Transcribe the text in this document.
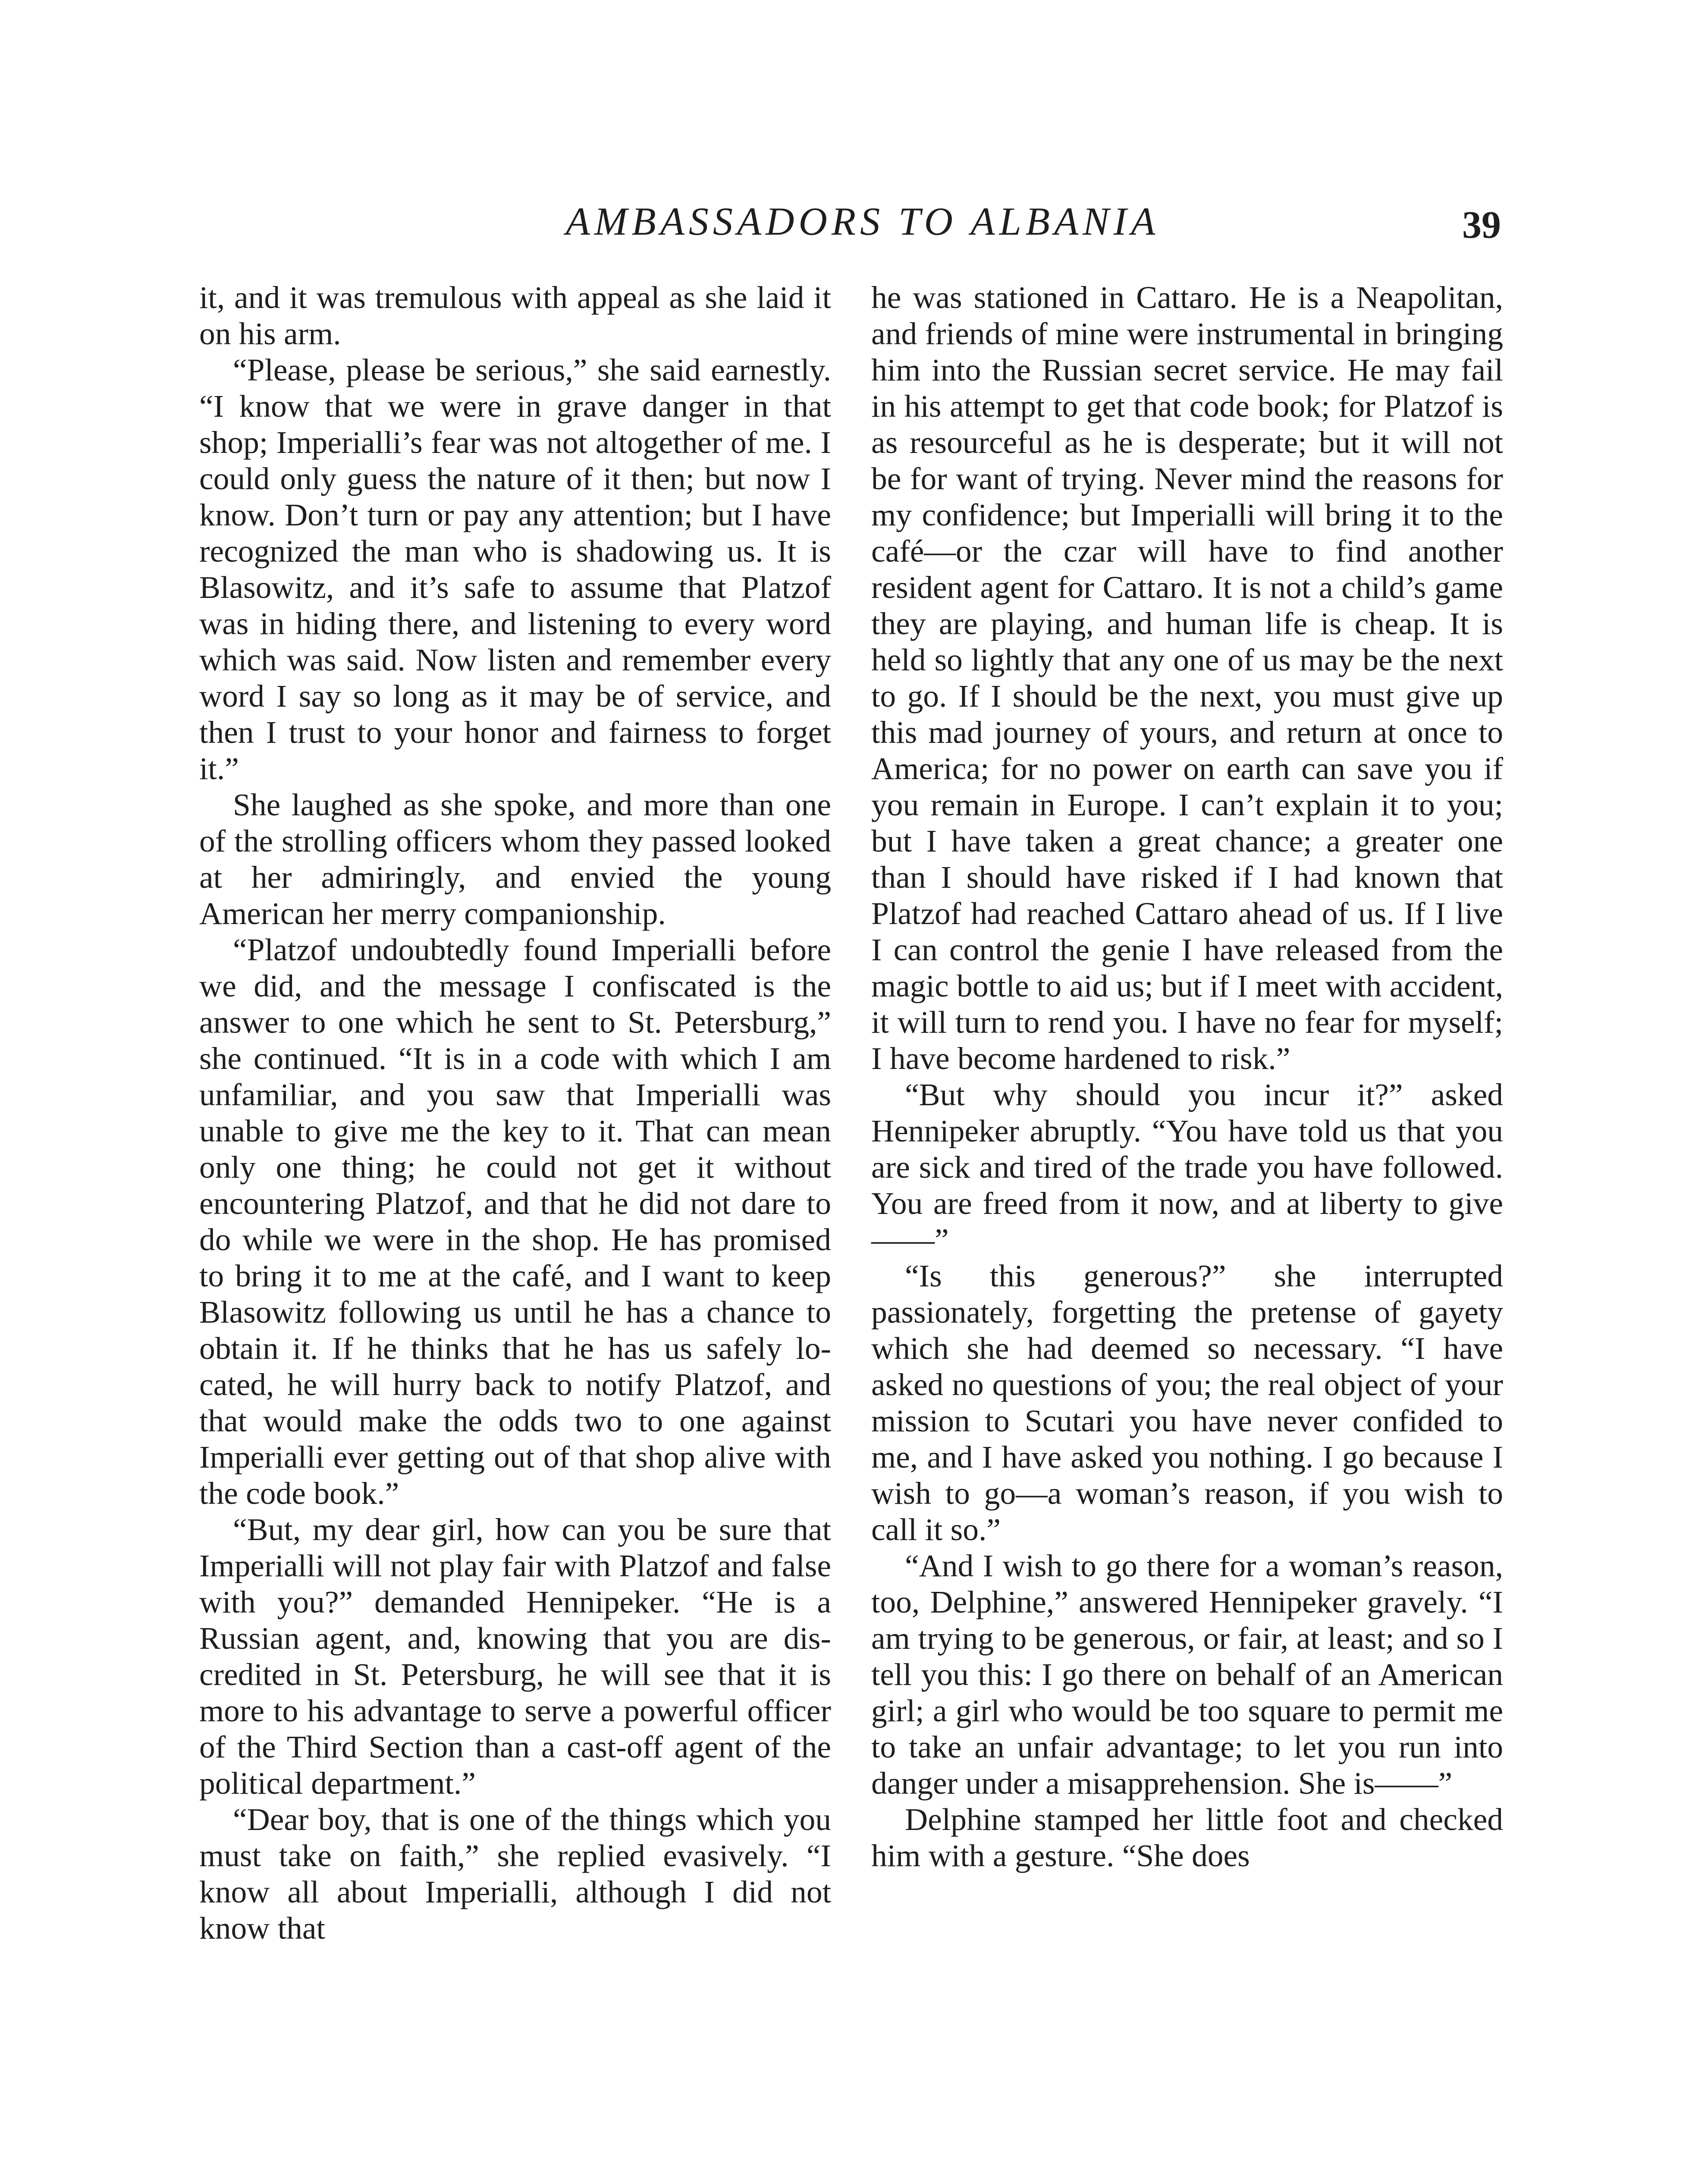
AMBASSADORS TO ALBANIA	39

it, and it was tremulous with appeal as she laid it on his arm.

“Please, please be serious,” she said earnestly. “I know that we were in grave danger in that shop; Imperialli’s fear was not altogether of me. I could only guess the nature of it then; but now I know. Don’t turn or pay any attention; but I have recognized the man who is shadowing us. It is Blasowitz, and it’s safe to assume that Platzof was in hiding there, and listening to every word which was said. Now listen and remember every word I say so long as it may be of service, and then I trust to your honor and fairness to forget it.”

She laughed as she spoke, and more than one of the strolling officers whom they passed looked at her admiringly, and envied the young American her merry companionship.

“Platzof undoubtedly found Imperialli before we did, and the message I confiscated is the answer to one which he sent to St. Petersburg,” she continued. “It is in a code with which I am unfamiliar, and you saw that Imperialli was unable to give me the key to it. That can mean only one thing; he could not get it without encountering Platzof, and that he did not dare to do while we were in the shop. He has promised to bring it to me at the café, and I want to keep Blasowitz following us until he has a chance to obtain it. If he thinks that he has us safely located, he will hurry back to notify Platzof, and that would make the odds two to one against Imperialli ever getting out of that shop alive with the code book.”

“But, my dear girl, how can you be sure that Imperialli will not play fair with Platzof and false with you?” demanded Hennipeker. “He is a Russian agent, and, knowing that you are discredited in St. Petersburg, he will see that it is more to his advantage to serve a powerful officer of the Third Section than a cast-off agent of the political department.”

“Dear boy, that is one of the things which you must take on faith,” she replied evasively. “I know all about Imperialli, although I did not know that

he was stationed in Cattaro. He is a Neapolitan, and friends of mine were instrumental in bringing him into the Russian secret service. He may fail in his attempt to get that code book; for Platzof is as resourceful as he is desperate; but it will not be for want of trying. Never mind the reasons for my confidence; but Imperialli will bring it to the café—or the czar will have to find another resident agent for Cattaro. It is not a child’s game they are playing, and human life is cheap. It is held so lightly that any one of us may be the next to go. If I should be the next, you must give up this mad journey of yours, and return at once to America; for no power on earth can save you if you remain in Europe. I can’t explain it to you; but I have taken a great chance; a greater one than I should have risked if I had known that Platzof had reached Cattaro ahead of us. If I live I can control the genie I have released from the magic bottle to aid us; but if I meet with accident, it will turn to rend you. I have no fear for myself; I have become hardened to risk.”

“But why should you incur it?” asked Hennipeker abruptly. “You have told us that you are sick and tired of the trade you have followed. You are freed from it now, and at liberty to give——”

“Is this generous?” she interrupted passionately, forgetting the pretense of gayety which she had deemed so necessary. “I have asked no questions of you; the real object of your mission to Scutari you have never confided to me, and I have asked you nothing. I go because I wish to go—a woman’s reason, if you wish to call it so.”

“And I wish to go there for a woman’s reason, too, Delphine,” answered Hennipeker gravely. “I am trying to be generous, or fair, at least; and so I tell you this: I go there on behalf of an American girl; a girl who would be too square to permit me to take an unfair advantage; to let you run into danger under a misapprehension. She is——”

Delphine stamped her little foot and checked him with a gesture. “She does
